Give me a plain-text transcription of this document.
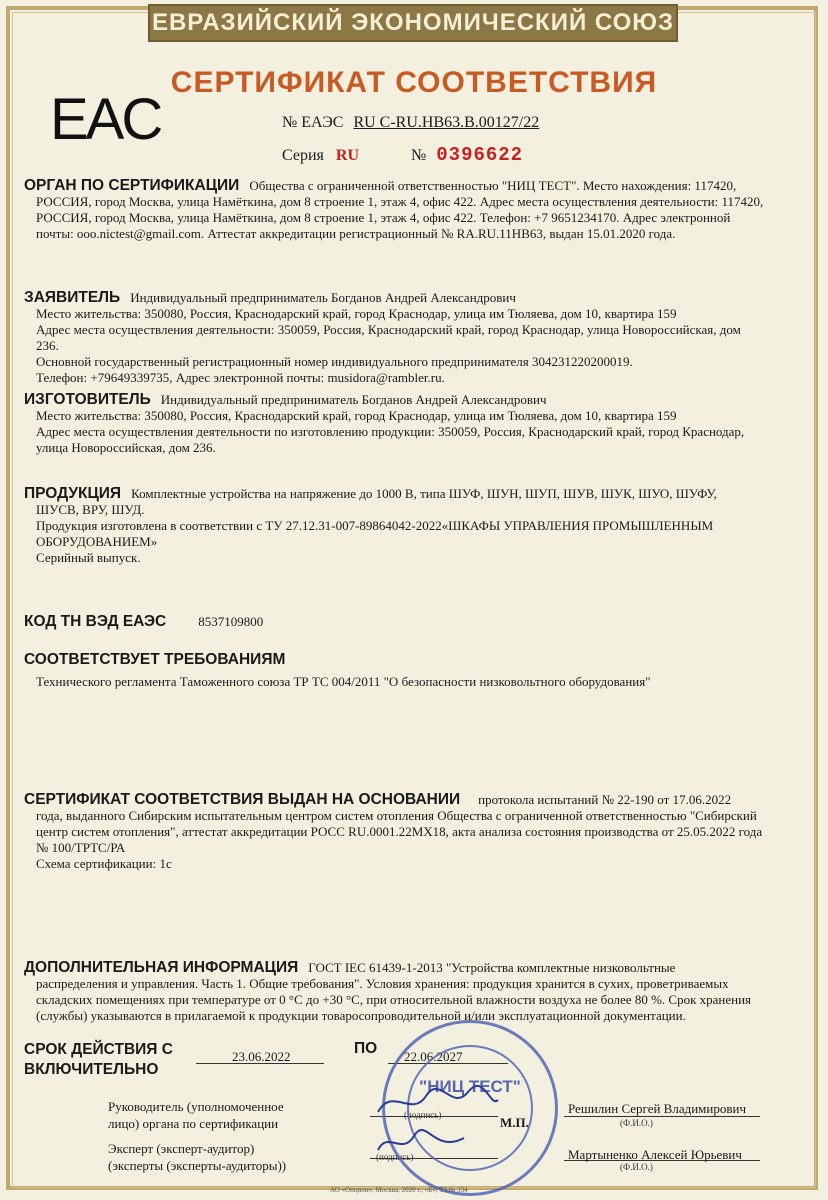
ЕВРАЗИЙСКИЙ ЭКОНОМИЧЕСКИЙ СОЮЗ
СЕРТИФИКАТ СООТВЕТСТВИЯ
EAC	№ ЕАЭС RU C-RU.НВ63.В.00127/22
Серия RU	№ 0396622

ОРГАН ПО СЕРТИФИКАЦИИ Общества с ограниченной ответственностью "НИЦ ТЕСТ". Место нахождения: 117420,

РОССИЯ, город Москва, улица Намёткина, дом 8 строение 1, этаж 4, офис 422. Адрес места осуществления деятельности: 117420,

РОССИЯ, город Москва, улица Намёткина, дом 8 строение 1, этаж 4, офис 422. Телефон: +7 9651234170. Адрес электронной

почты: ooo.nictest@gmail.com. Аттестат аккредитации регистрационный № RA.RU.11НВ63, выдан 15.01.2020 года.

ЗАЯВИТЕЛЬ Индивидуальный предприниматель Богданов Андрей Александрович

Место жительства: 350080, Россия, Краснодарский край, город Краснодар, улица им Тюляева, дом 10, квартира 159

Адрес места осуществления деятельности: 350059, Россия, Краснодарский край, город Краснодар, улица Новороссийская, дом

236.

Основной государственный регистрационный номер индивидуального предпринимателя 304231220200019.

Телефон: +79649339735, Адрес электронной почты: musidora@rambler.ru.

ИЗГОТОВИТЕЛЬ Индивидуальный предприниматель Богданов Андрей Александрович

Место жительства: 350080, Россия, Краснодарский край, город Краснодар, улица им Тюляева, дом 10, квартира 159

Адрес места осуществления деятельности по изготовлению продукции: 350059, Россия, Краснодарский край, город Краснодар,

улица Новороссийская, дом 236.

ПРОДУКЦИЯ Комплектные устройства на напряжение до 1000 В, типа ШУФ, ШУН, ШУП, ШУВ, ШУК, ШУО, ШУФУ,

ШУСВ, ВРУ, ШУД.

Продукция изготовлена в соответствии с ТУ 27.12.31-007-89864042-2022«ШКАФЫ УПРАВЛЕНИЯ ПРОМЫШЛЕННЫМ

ОБОРУДОВАНИЕМ»

Серийный выпуск.

КОД ТН ВЭД ЕАЭС 8537109800

СООТВЕТСТВУЕТ ТРЕБОВАНИЯМ

Технического регламента Таможенного союза ТР ТС 004/2011 "О безопасности низковольтного оборудования"

СЕРТИФИКАТ СООТВЕТСТВИЯ ВЫДАН НА ОСНОВАНИИ протокола испытаний № 22-190 от 17.06.2022

года, выданного Сибирским испытательным центром систем отопления Общества с ограниченной ответственностью "Сибирский

центр систем отопления", аттестат аккредитации РОСС RU.0001.22МХ18, акта анализа состояния производства от 25.05.2022 года

№ 100/ТРТС/РА

Схема сертификации: 1с

ДОПОЛНИТЕЛЬНАЯ ИНФОРМАЦИЯ ГОСТ IEC 61439-1-2013 "Устройства комплектные низковольтные

распределения и управления. Часть 1. Общие требования". Условия хранения: продукция хранится в сухих, проветриваемых

складских помещениях при температуре от 0 °С до +30 °С, при относительной влажности воздуха не более 80 %. Срок хранения

(службы) указываются в прилагаемой к продукции товаросопроводительной и/или эксплуатационной документации.

СРОК ДЕЙСТВИЯ С
ВКЛЮЧИТЕЛЬНО
23.06.2022	ПО 22.06.2027
Руководитель (уполномоченное
лицо) органа по сертификации
(подпись)	М.П.
Решилин Сергей Владимирович
(Ф.И.О.)
Эксперт (эксперт-аудитор)
(эксперты (эксперты-аудиторы))
(подпись)	Мартыненко Алексей Юрьевич
(Ф.И.О.)
"НИЦ ТЕСТ"
АО «Опцион», Москва, 2020 г., «Б», ТЗ № 334
